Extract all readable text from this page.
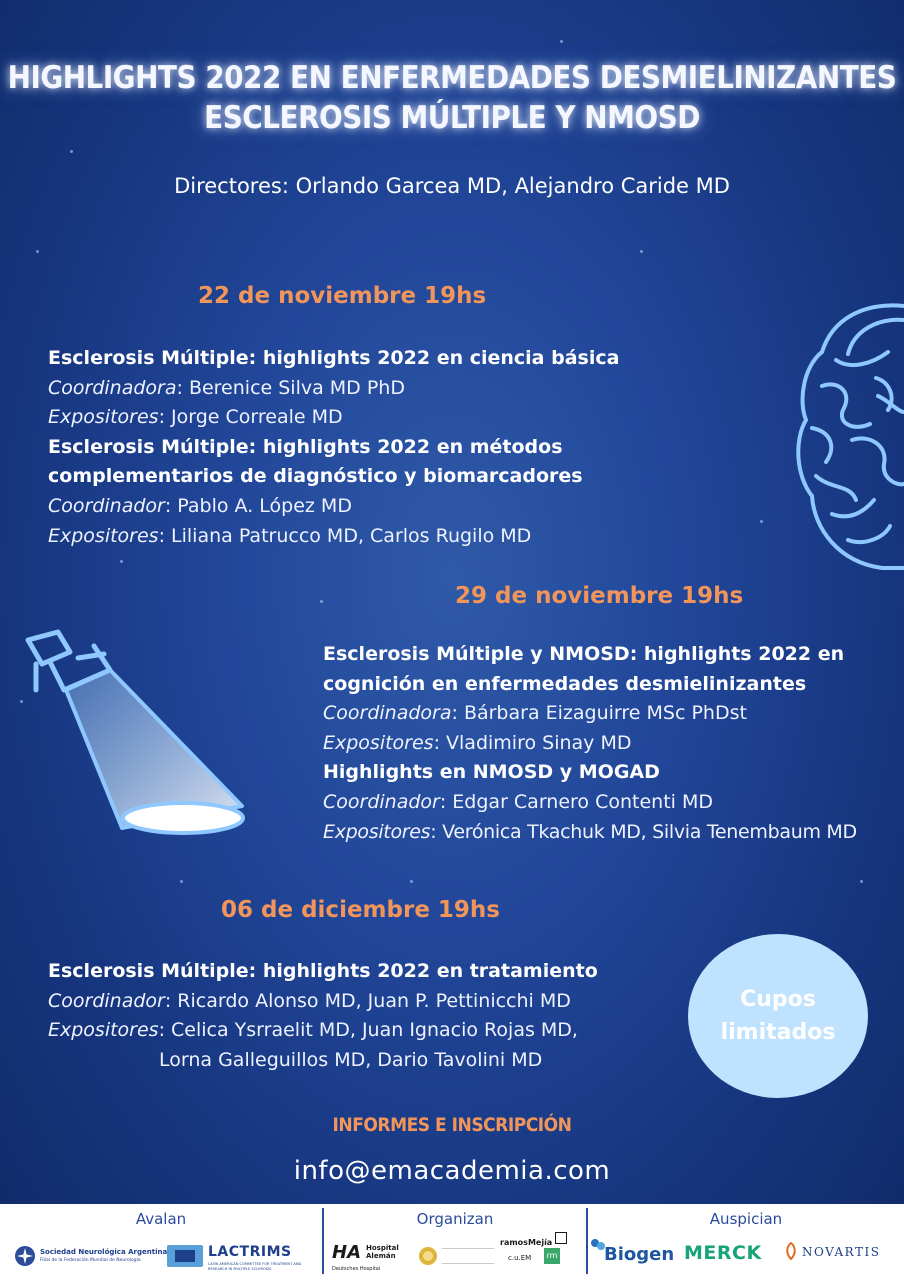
HIGHLIGHTS 2022 EN ENFERMEDADES DESMIELINIZANTES
ESCLEROSIS MÚLTIPLE Y NMOSD
Directores: Orlando Garcea MD, Alejandro Caride MD
22 de noviembre 19hs
Esclerosis Múltiple: highlights 2022 en ciencia básica
Coordinadora: Berenice Silva MD PhD
Expositores: Jorge Correale MD
Esclerosis Múltiple: highlights 2022 en métodos
complementarios de diagnóstico y biomarcadores
Coordinador: Pablo A. López MD
Expositores: Liliana Patrucco MD, Carlos Rugilo MD
29 de noviembre 19hs
Esclerosis Múltiple y NMOSD: highlights 2022 en
cognición en enfermedades desmielinizantes
Coordinadora: Bárbara Eizaguirre MSc PhDst
Expositores: Vladimiro Sinay MD
Highlights en NMOSD y MOGAD
Coordinador: Edgar Carnero Contenti MD
Expositores: Verónica Tkachuk MD, Silvia Tenembaum MD
06 de diciembre 19hs
Esclerosis Múltiple: highlights 2022 en tratamiento
Coordinador: Ricardo Alonso MD, Juan P. Pettinicchi MD
Expositores: Celica Ysrraelit MD, Juan Ignacio Rojas MD,
Lorna Galleguillos MD, Dario Tavolini MD
Cupos
limitados
INFORMES E INSCRIPCIÓN
info@emacademia.com
Avalan
Sociedad Neurológica Argentina
Filial de la Federación Mundial de Neurología
LACTRIMS
LATIN AMERICAN COMMITTEE FOR TREATMENT AND RESEARCH IN MULTIPLE SCLEROSIS
Organizan
HA Hospital Alemán
Deutsches Hospital
ramosMejía
c.u.EM	rm
Auspician
Biogen MERCK	NOVARTIS
